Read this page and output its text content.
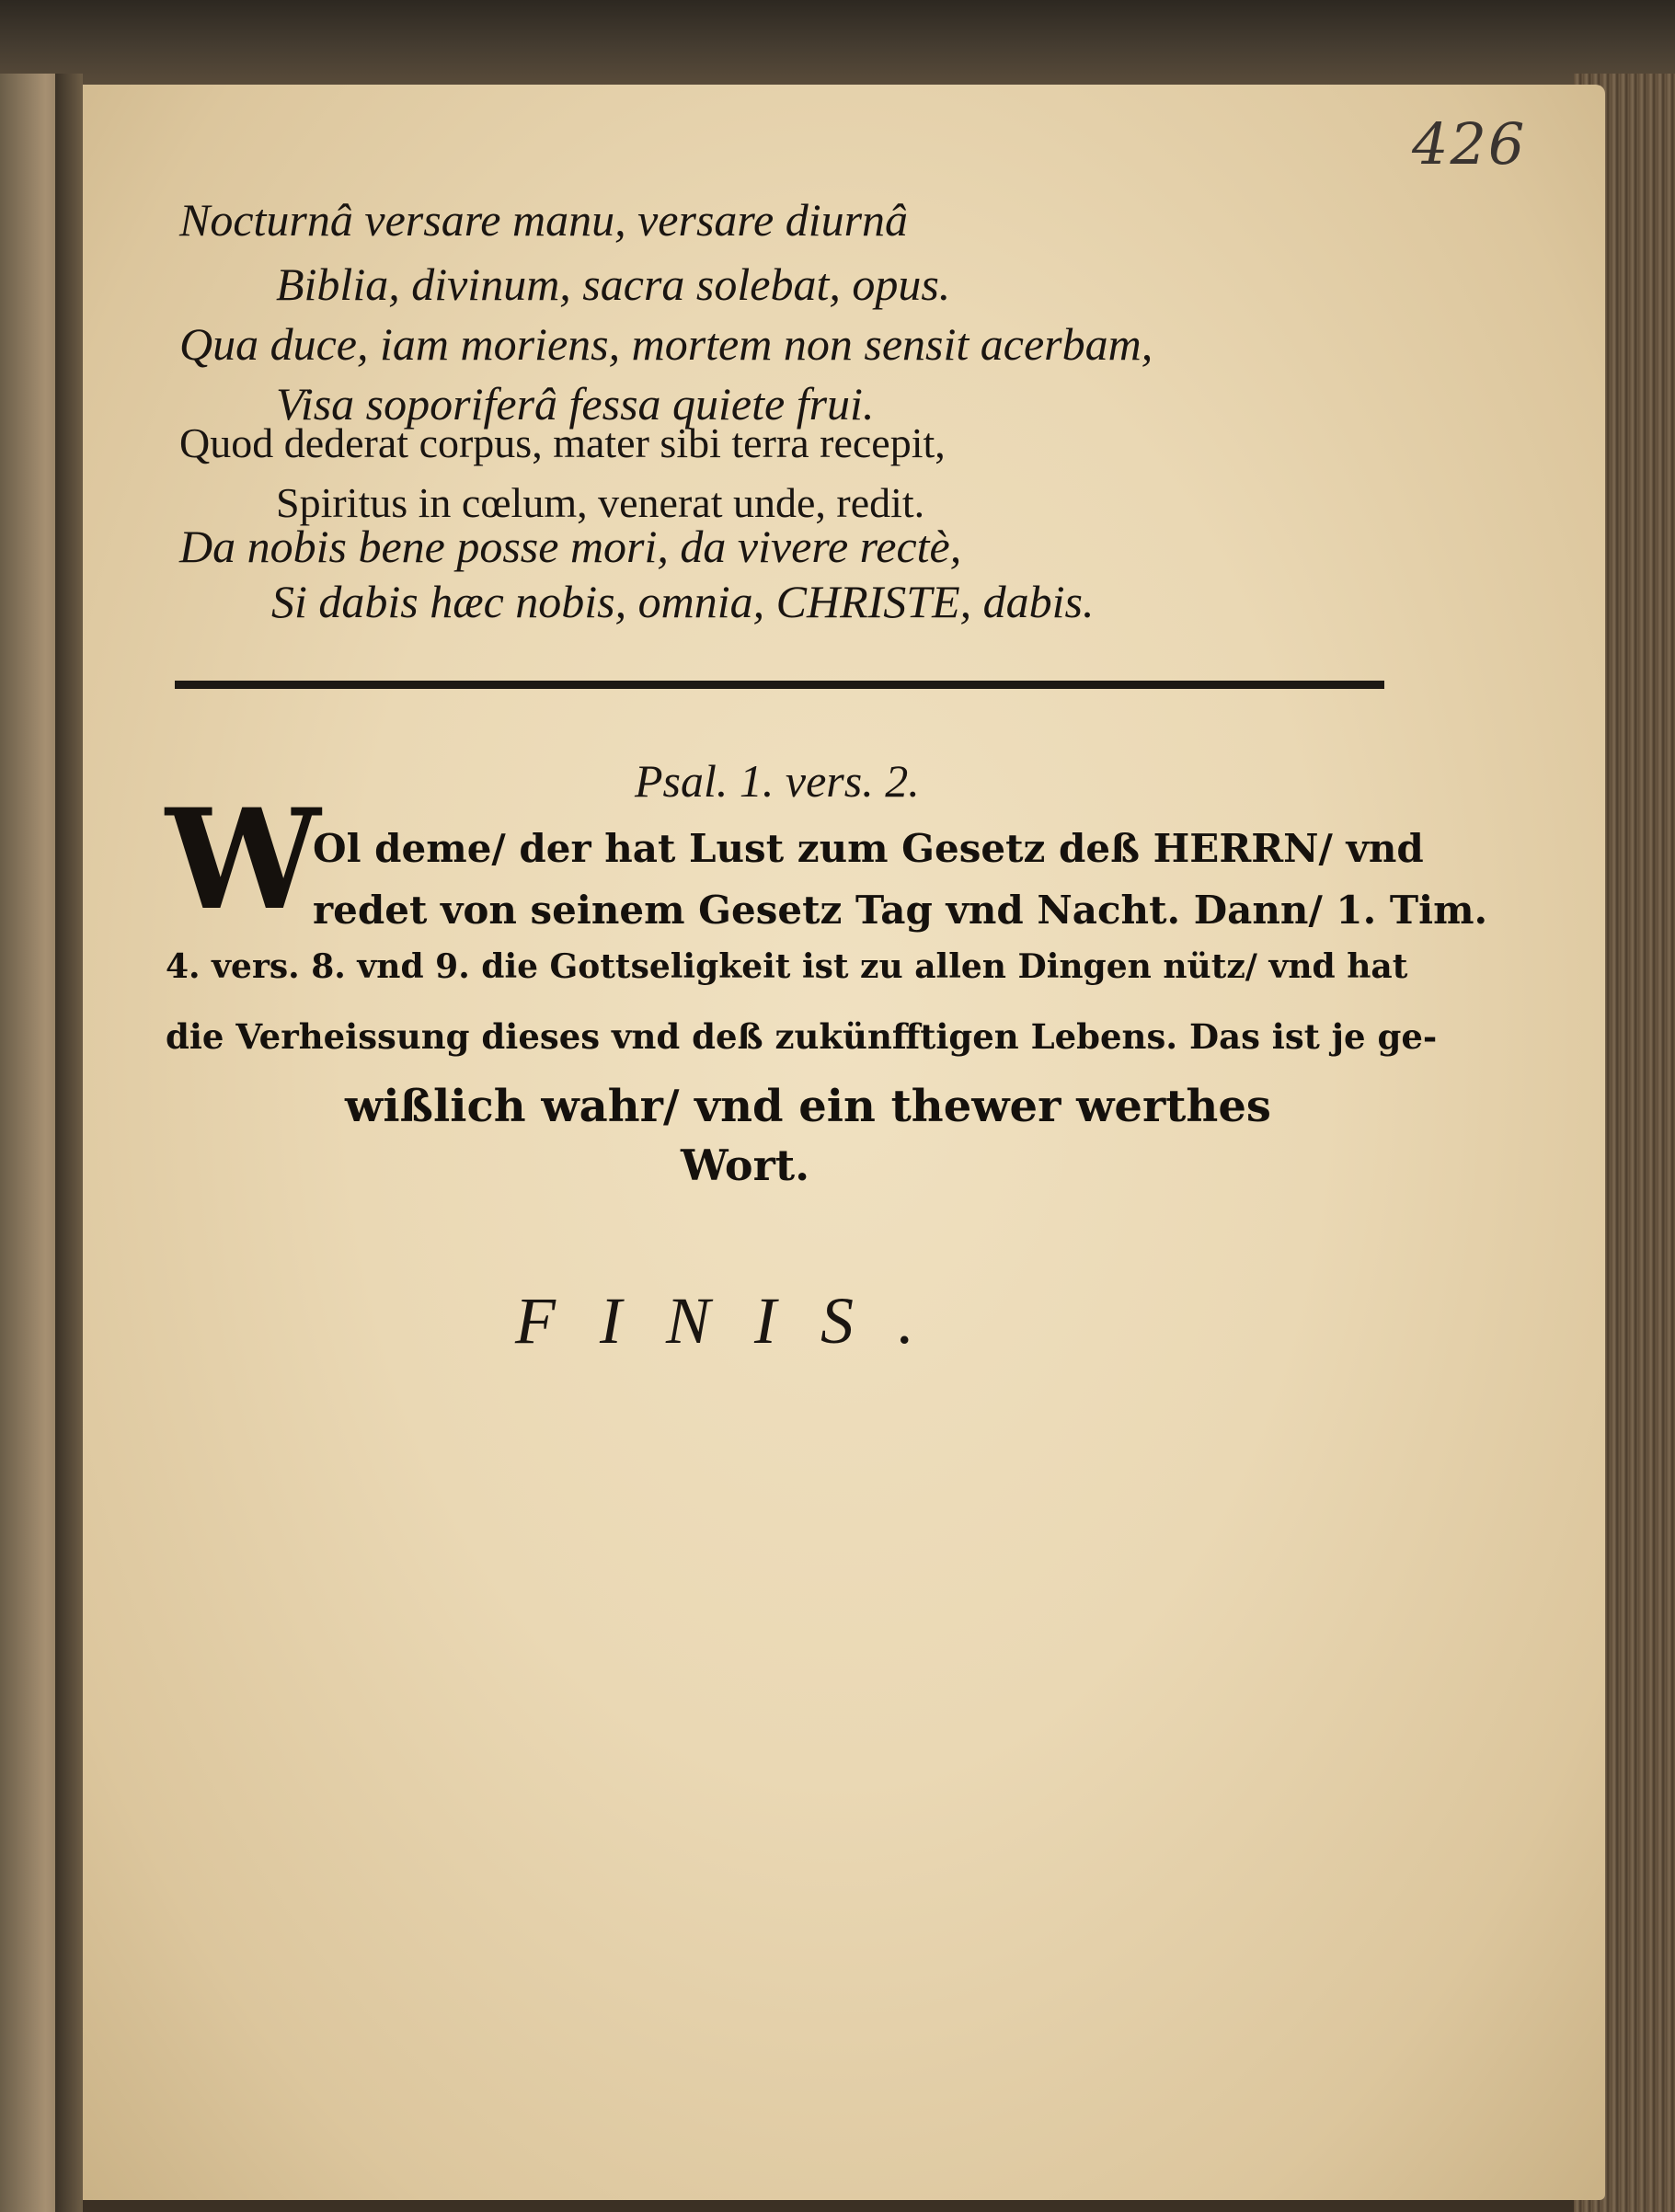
426
Nocturnâ versare manu, versare diurnâ
Biblia, divinum, sacra solebat, opus.
Qua duce, iam moriens, mortem non sensit acerbam,
Visa soporiferâ fessa quiete frui.
Quod dederat corpus, mater sibi terra recepit,
Spiritus in cœlum, venerat unde, redit.
Da nobis bene posse mori, da vivere rectè,
Si dabis hæc nobis, omnia, CHRISTE, dabis.
Psal. 1. vers. 2.
W
Ol deme/ der hat Lust zum Gesetz deß HERRN/ vnd
redet von seinem Gesetz Tag vnd Nacht. Dann/ 1. Tim.
4. vers. 8. vnd 9. die Gottseligkeit ist zu allen Dingen nütz/ vnd hat
die Verheissung dieses vnd deß zukünfftigen Lebens. Das ist je ge-
wißlich wahr/ vnd ein thewer werthes
Wort.
FINIS.
